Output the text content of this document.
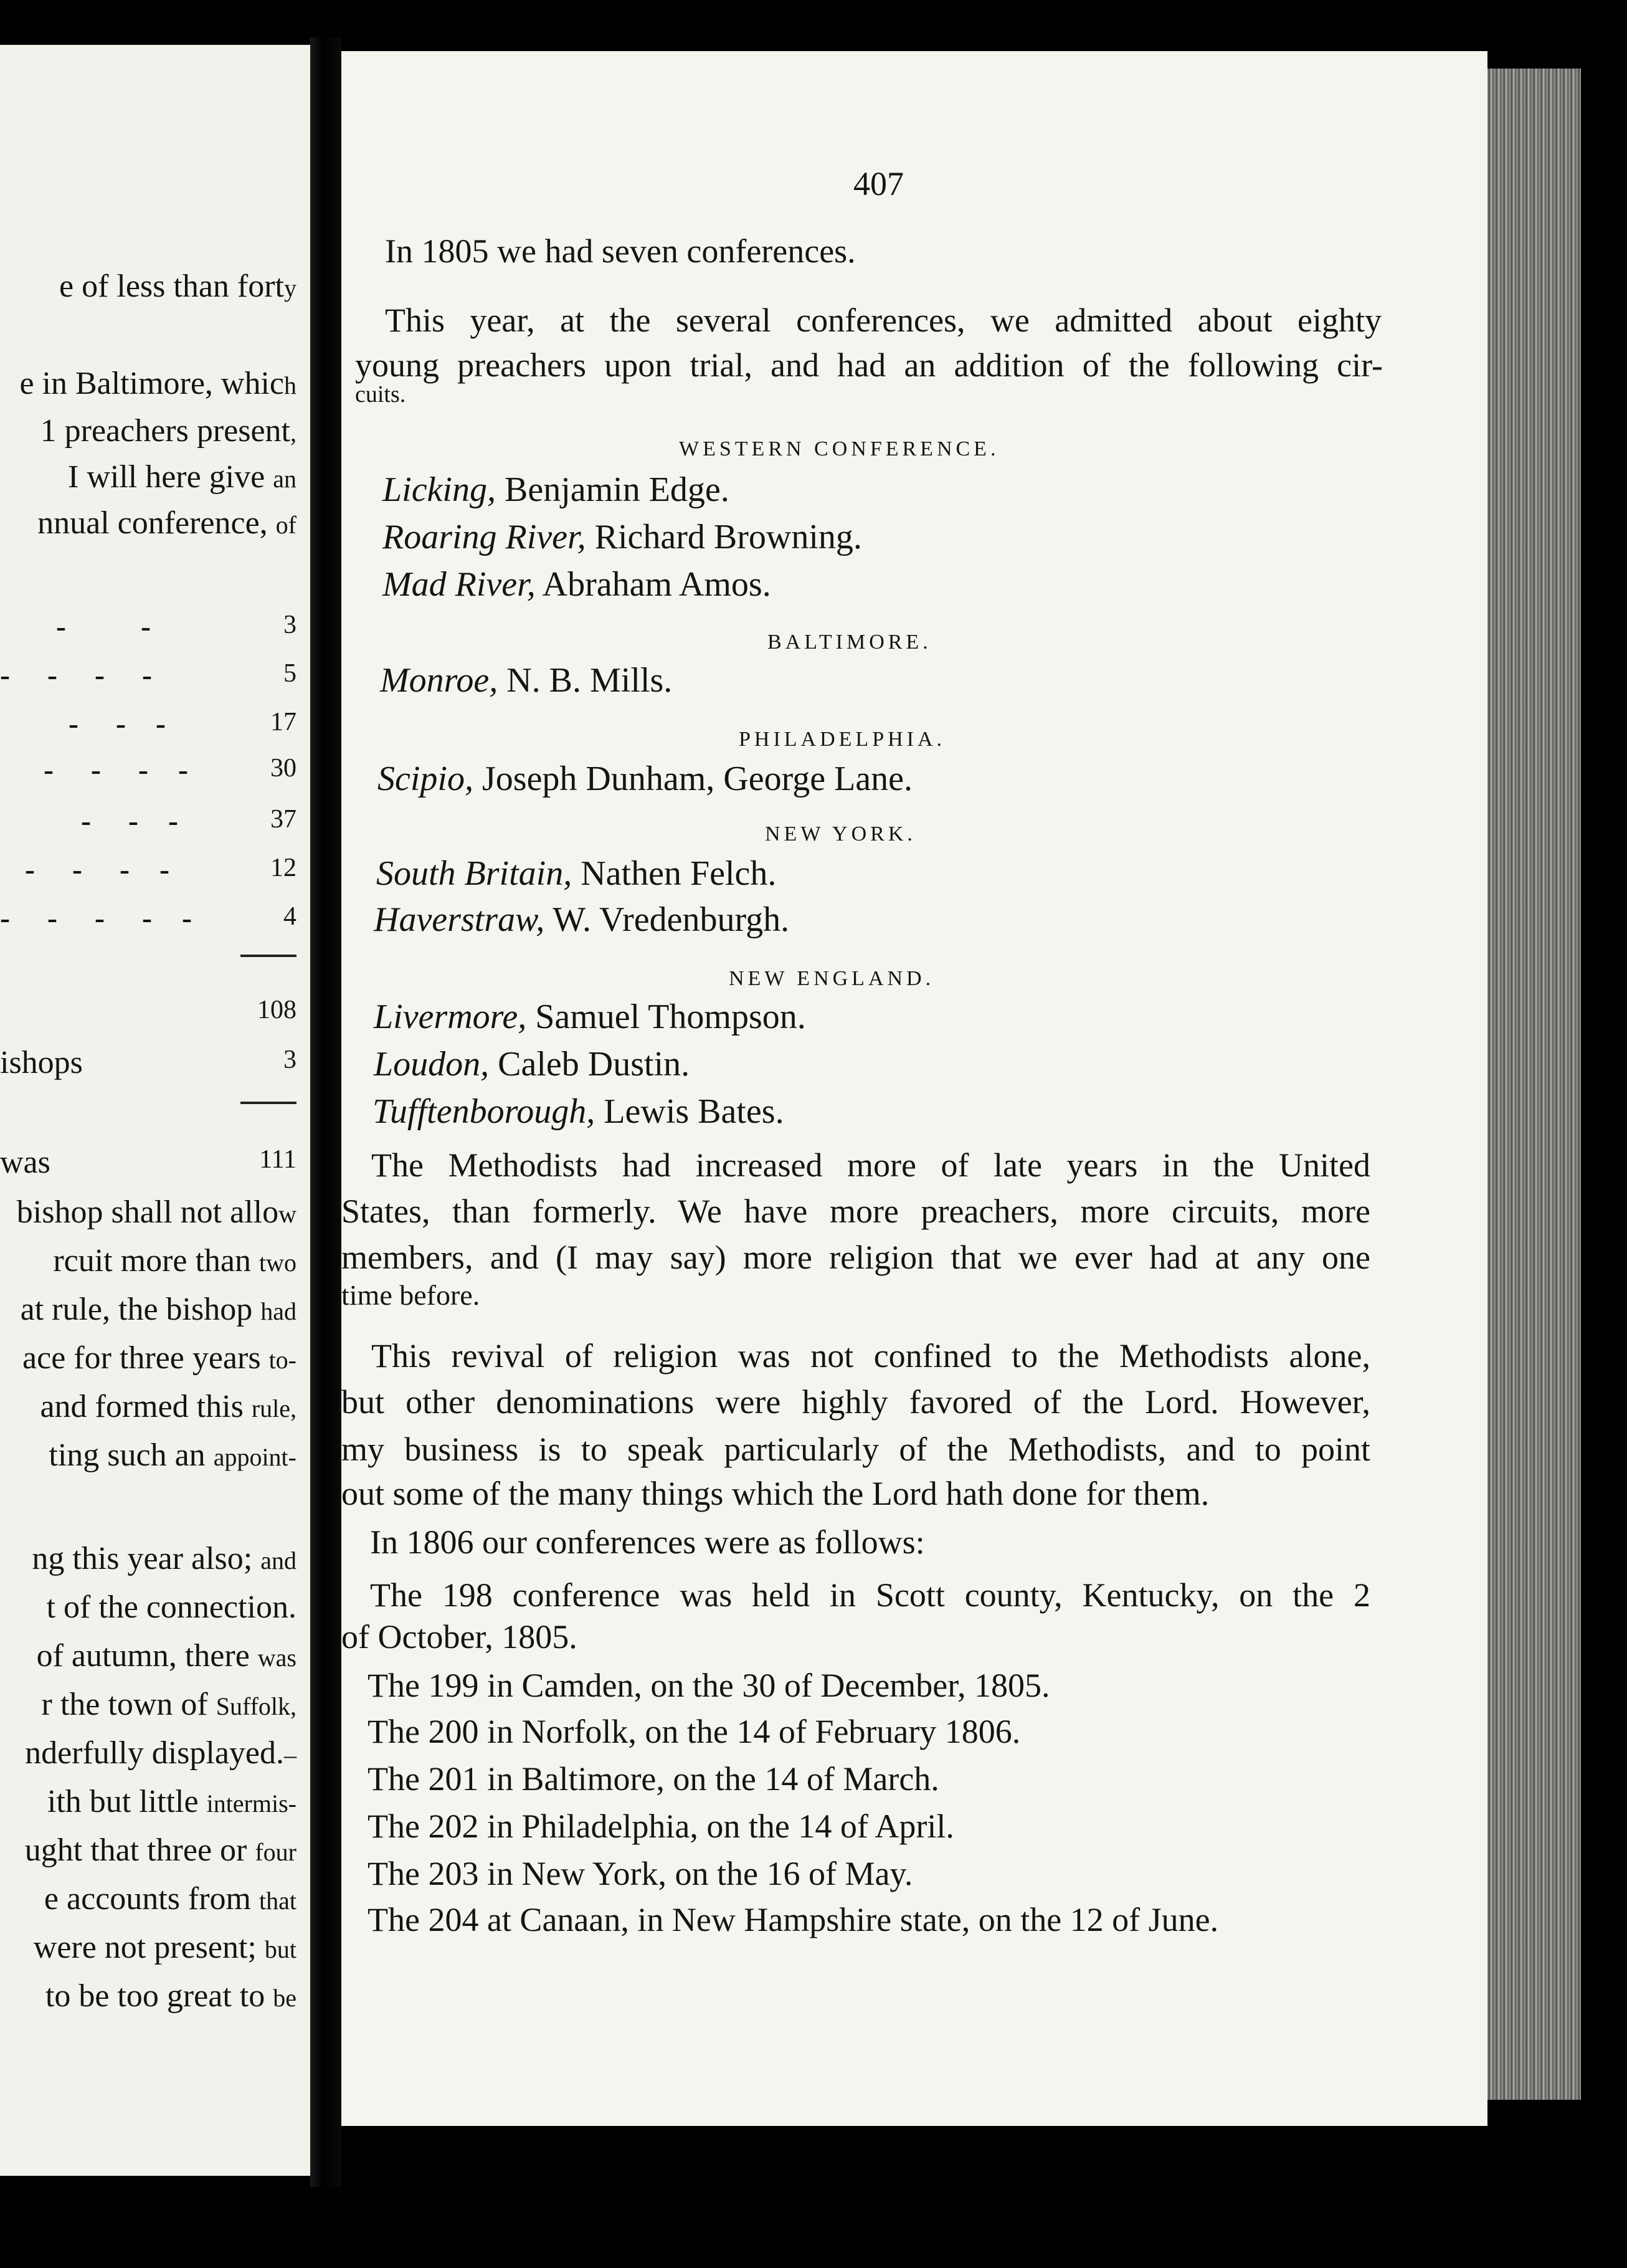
e of less than forty
e in Baltimore, which
1 preachers present,
I will here give an
nnual conference, of
-          -	3
-     -     -     -	5
-     -    -	17
-     -     -    -	30
-     -    -	37
-     -     -    -	12
-     -     -     -    -	4
108
ishops	3
was	111
bishop shall not allow
rcuit more than two
at rule, the bishop had
ace for three years to-
and formed this rule,
ting such an appoint-
ng this year also; and
t of the connection.
of autumn, there was
r the town of Suffolk,
nderfully displayed.–
ith but little intermis-
ught that three or four
e accounts from that
were not present; but
to be too great to be
407
In 1805 we had seven conferences.
This year, at the several conferences, we admitted about eighty
young preachers upon trial, and had an addition of the following cir-
cuits.
WESTERN CONFERENCE.
Licking, Benjamin Edge.
Roaring River, Richard Browning.
Mad River, Abraham Amos.
BALTIMORE.
Monroe, N. B. Mills.
PHILADELPHIA.
Scipio, Joseph Dunham, George Lane.
NEW YORK.
South Britain, Nathen Felch.
Haverstraw, W. Vredenburgh.
NEW ENGLAND.
Livermore, Samuel Thompson.
Loudon, Caleb Dustin.
Tufftenborough, Lewis Bates.
The Methodists had increased more of late years in the United
States, than formerly. We have more preachers, more circuits, more
members, and (I may say) more religion that we ever had at any one
time before.
This revival of religion was not confined to the Methodists alone,
but other denominations were highly favored of the Lord. However,
my business is to speak particularly of the Methodists, and to point
out some of the many things which the Lord hath done for them.
In 1806 our conferences were as follows:
The 198 conference was held in Scott county, Kentucky, on the 2
of October, 1805.
The 199 in Camden, on the 30 of December, 1805.
The 200 in Norfolk, on the 14 of February 1806.
The 201 in Baltimore, on the 14 of March.
The 202 in Philadelphia, on the 14 of April.
The 203 in New York, on the 16 of May.
The 204 at Canaan, in New Hampshire state, on the 12 of June.
